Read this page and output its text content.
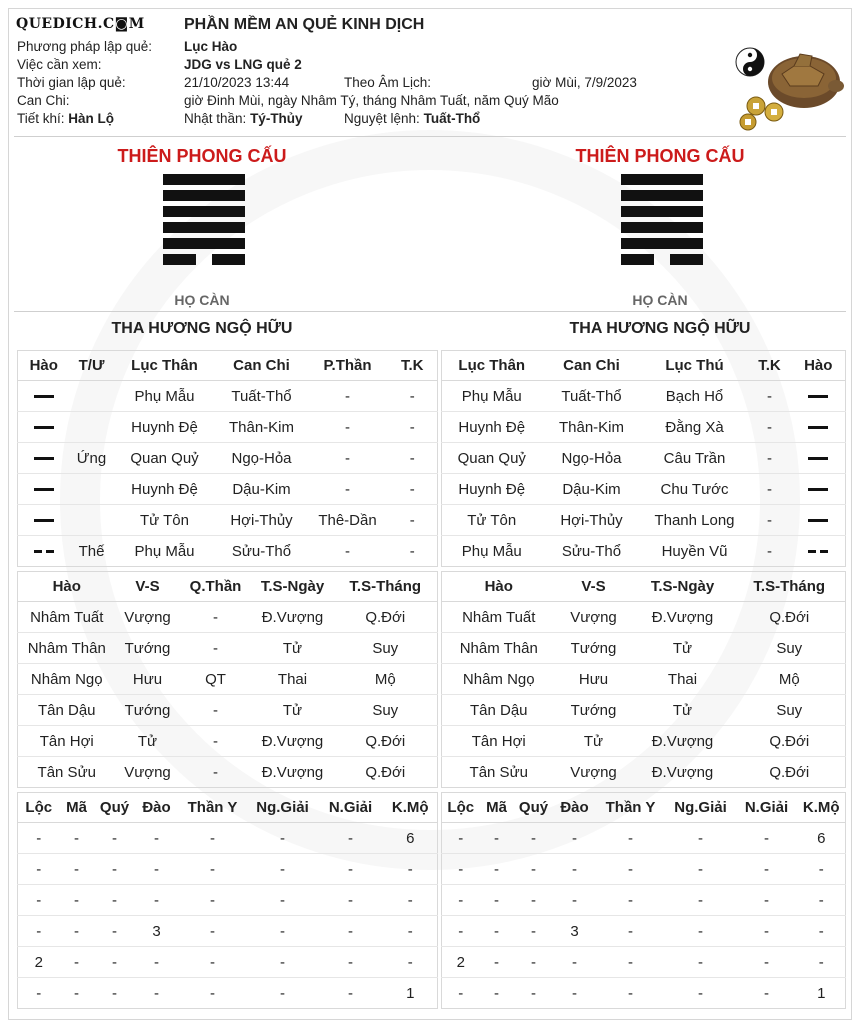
QUEDICH.C◙M PHẦN MỀM AN QUẺ KINH DỊCH
Phương pháp lập quẻ: Lục Hào
Việc cần xem:	JDG vs LNG quẻ 2
Thời gian lập quẻ:	21/10/2023 13:44	Theo Âm Lịch:	giờ Mùi, 7/9/2023
Can Chi:	giờ Đinh Mùi, ngày Nhâm Tý, tháng Nhâm Tuất, năm Quý Mão
Tiết khí: Hàn Lộ	Nhật thần: Tý-Thủy	Nguyệt lệnh: Tuất-Thổ
THIÊN PHONG CẤU
HỌ CÀN
THIÊN PHONG CẤU
HỌ CÀN
THA HƯƠNG NGỘ HỮU	THA HƯƠNG NGỘ HỮU
Hào	T/Ư	Lục Thân	Can Chi	P.Thần	T.K
		Phụ Mẫu	Tuất-Thổ	-	-
		Huynh Đệ	Thân-Kim	-	-
	Ứng	Quan Quỷ	Ngọ-Hỏa	-	-
		Huynh Đệ	Dậu-Kim	-	-
		Tử Tôn	Hợi-Thủy	Thê-Dần	-
	Thế	Phụ Mẫu	Sửu-Thổ	-	-
Lục Thân	Can Chi	Lục Thú	T.K	Hào
Phụ Mẫu	Tuất-Thổ	Bạch Hổ	-	
Huynh Đệ	Thân-Kim	Đằng Xà	-	
Quan Quỷ	Ngọ-Hỏa	Câu Trần	-	
Huynh Đệ	Dậu-Kim	Chu Tước	-	
Tử Tôn	Hợi-Thủy	Thanh Long	-	
Phụ Mẫu	Sửu-Thổ	Huyền Vũ	-	
Hào	V-S	Q.Thần	T.S-Ngày	T.S-Tháng
Nhâm Tuất	Vượng	-	Đ.Vượng	Q.Đới
Nhâm Thân	Tướng	-	Tử	Suy
Nhâm Ngọ	Hưu	QT	Thai	Mộ
Tân Dậu	Tướng	-	Tử	Suy
Tân Hợi	Tử	-	Đ.Vượng	Q.Đới
Tân Sửu	Vượng	-	Đ.Vượng	Q.Đới
Hào	V-S	T.S-Ngày	T.S-Tháng
Nhâm Tuất	Vượng	Đ.Vượng	Q.Đới
Nhâm Thân	Tướng	Tử	Suy
Nhâm Ngọ	Hưu	Thai	Mộ
Tân Dậu	Tướng	Tử	Suy
Tân Hợi	Tử	Đ.Vượng	Q.Đới
Tân Sửu	Vượng	Đ.Vượng	Q.Đới
Lộc	Mã	Quý	Đào	Thần Y	Ng.Giải	N.Giải	K.Mộ
-	-	-	-	-	-	-	6
-	-	-	-	-	-	-	-
-	-	-	-	-	-	-	-
-	-	-	3	-	-	-	-
2	-	-	-	-	-	-	-
-	-	-	-	-	-	-	1
Lộc	Mã	Quý	Đào	Thần Y	Ng.Giải	N.Giải	K.Mộ
-	-	-	-	-	-	-	6
-	-	-	-	-	-	-	-
-	-	-	-	-	-	-	-
-	-	-	3	-	-	-	-
2	-	-	-	-	-	-	-
-	-	-	-	-	-	-	1
